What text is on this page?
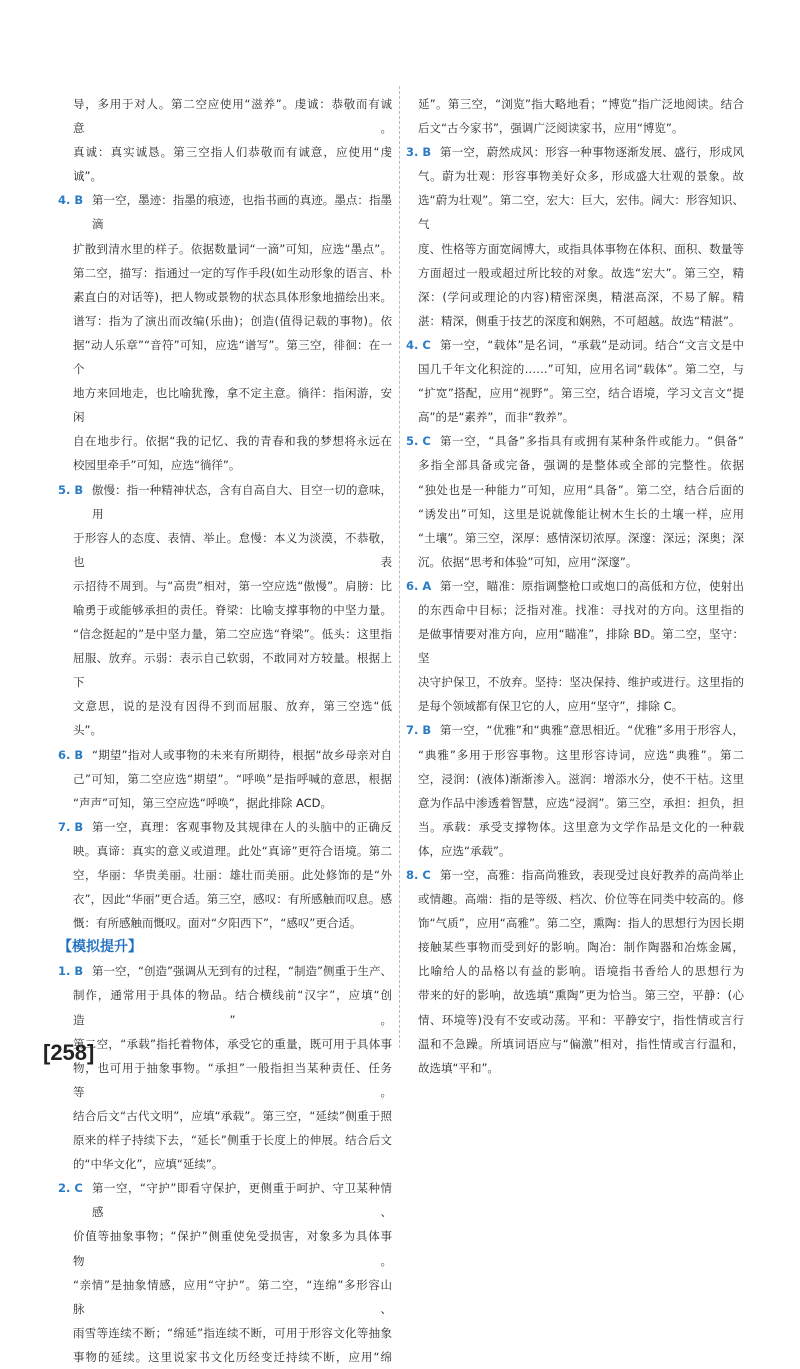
导，多用于对人。第二空应使用“滋养”。虔诚：恭敬而有诚意。
真诚：真实诚恳。第三空指人们恭敬而有诚意，应使用“虔诚”。
4. B 第一空，墨迹：指墨的痕迹，也指书画的真迹。墨点：指墨滴
扩散到清水里的样子。依据数量词“一滴”可知，应选“墨点”。
第二空，描写：指通过一定的写作手段(如生动形象的语言、朴
素直白的对话等)，把人物或景物的状态具体形象地描绘出来。
谱写：指为了演出而改编(乐曲)；创造(值得记载的事物)。依
据“动人乐章”“音符”可知，应选“谱写”。第三空，徘徊：在一个
地方来回地走，也比喻犹豫，拿不定主意。徜徉：指闲游，安闲
自在地步行。依据“我的记忆、我的青春和我的梦想将永远在
校园里牵手”可知，应选“徜徉”。
5. B 傲慢：指一种精神状态，含有自高自大、目空一切的意味，用
于形容人的态度、表情、举止。怠慢：本义为淡漠，不恭敬，也表
示招待不周到。与“高贵”相对，第一空应选“傲慢”。肩膀：比
喻勇于或能够承担的责任。脊梁：比喻支撑事物的中坚力量。
“信念挺起的”是中坚力量，第二空应选“脊梁”。低头：这里指
屈服、放弃。示弱：表示自己软弱，不敢同对方较量。根据上下
文意思，说的是没有因得不到而屈服、放弃，第三空选“低头”。
6. B “期望”指对人或事物的未来有所期待，根据“故乡母亲对自
己”可知，第二空应选“期望”。“呼唤”是指呼喊的意思，根据
“声声”可知，第三空应选“呼唤”，据此排除 ACD。
7. B 第一空，真理：客观事物及其规律在人的头脑中的正确反
映。真谛：真实的意义或道理。此处“真谛”更符合语境。第二
空，华丽：华贵美丽。壮丽：雄壮而美丽。此处修饰的是“外
衣”，因此“华丽”更合适。第三空，感叹：有所感触而叹息。感
慨：有所感触而慨叹。面对“夕阳西下”，“感叹”更合适。
【模拟提升】
1. B 第一空，“创造”强调从无到有的过程，“制造”侧重于生产、
制作，通常用于具体的物品。结合横线前“汉字”，应填“创造”。
第二空，“承载”指托着物体，承受它的重量，既可用于具体事
物，也可用于抽象事物。“承担”一般指担当某种责任、任务等。
结合后文“古代文明”，应填“承载”。第三空，“延续”侧重于照
原来的样子持续下去，“延长”侧重于长度上的伸展。结合后文
的“中华文化”，应填“延续”。
2. C 第一空，“守护”即看守保护，更侧重于呵护、守卫某种情感、
价值等抽象事物；“保护”侧重使免受损害，对象多为具体事物。
“亲情”是抽象情感，应用“守护”。第二空，“连绵”多形容山脉、
雨雪等连续不断；“绵延”指连续不断，可用于形容文化等抽象
事物的延续。这里说家书文化历经变迁持续不断，应用“绵
延”。第三空，“浏览”指大略地看；“博览”指广泛地阅读。结合
后文“古今家书”，强调广泛阅读家书，应用“博览”。
3. B 第一空，蔚然成风：形容一种事物逐渐发展、盛行，形成风
气。蔚为壮观：形容事物美好众多，形成盛大壮观的景象。故
选“蔚为壮观”。第二空，宏大：巨大，宏伟。阔大：形容知识、气
度、性格等方面宽阔博大，或指具体事物在体积、面积、数量等
方面超过一般或超过所比较的对象。故选“宏大”。第三空，精
深：(学问或理论的内容)精密深奥，精湛高深，不易了解。精
湛：精深，侧重于技艺的深度和娴熟，不可超越。故选“精湛”。
4. C 第一空，“载体”是名词，“承载”是动词。结合“文言文是中
国几千年文化积淀的……”可知，应用名词“载体”。第二空，与
“扩宽”搭配，应用“视野”。第三空，结合语境，学习文言文“提
高”的是“素养”，而非“教养”。
5. C 第一空，“具备”多指具有或拥有某种条件或能力。“俱备”
多指全部具备或完备，强调的是整体或全部的完整性。依据
“独处也是一种能力”可知，应用“具备”。第二空，结合后面的
“诱发出”可知，这里是说就像能让树木生长的土壤一样，应用
“土壤”。第三空，深厚：感情深切浓厚。深邃：深远；深奥；深
沉。依据“思考和体验”可知，应用“深邃”。
6. A 第一空，瞄准：原指调整枪口或炮口的高低和方位，使射出
的东西命中目标；泛指对准。找准：寻找对的方向。这里指的
是做事情要对准方向，应用“瞄准”，排除 BD。第二空，坚守：坚
决守护保卫，不放弃。坚持：坚决保持、维护或进行。这里指的
是每个领域都有保卫它的人，应用“坚守”，排除 C。
7. B 第一空，“优雅”和“典雅”意思相近。“优雅”多用于形容人，
“典雅”多用于形容事物。这里形容诗词，应选“典雅”。第二
空，浸润：(液体)渐渐渗入。滋润：增添水分，使不干枯。这里
意为作品中渗透着智慧，应选“浸润”。第三空，承担：担负，担
当。承载：承受支撑物体。这里意为文学作品是文化的一种载
体，应选“承载”。
8. C 第一空，高雅：指高尚雅致，表现受过良好教养的高尚举止
或情趣。高端：指的是等级、档次、价位等在同类中较高的。修
饰“气质”，应用“高雅”。第二空，熏陶：指人的思想行为因长期
接触某些事物而受到好的影响。陶冶：制作陶器和冶炼金属，
比喻给人的品格以有益的影响。语境指书香给人的思想行为
带来的好的影响，故选填“熏陶”更为恰当。第三空，平静：(心
情、环境等)没有不安或动荡。平和：平静安宁，指性情或言行
温和不急躁。所填词语应与“偏激”相对，指性情或言行温和，
故选填“平和”。
[258]
